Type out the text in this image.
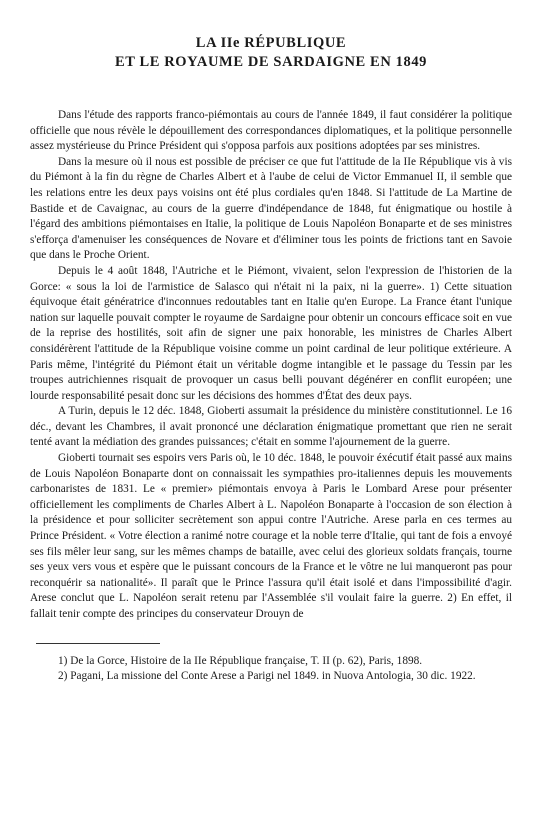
LA IIe RÉPUBLIQUE
ET LE ROYAUME DE SARDAIGNE EN 1849

Dans l'étude des rapports franco-piémontais au cours de l'année 1849, il faut considérer la politique officielle que nous révèle le dépouillement des correspondances diplomatiques, et la politique personnelle assez mystérieuse du Prince Président qui s'opposa parfois aux positions adoptées par ses ministres.

Dans la mesure où il nous est possible de préciser ce que fut l'attitude de la IIe République vis à vis du Piémont à la fin du règne de Charles Albert et à l'aube de celui de Victor Emmanuel II, il semble que les relations entre les deux pays voisins ont été plus cordiales qu'en 1848. Si l'attitude de La Martine de Bastide et de Cavaignac, au cours de la guerre d'indépendance de 1848, fut énigmatique ou hostile à l'égard des ambitions piémontaises en Italie, la politique de Louis Napoléon Bonaparte et de ses ministres s'efforça d'amenuiser les conséquences de Novare et d'éliminer tous les points de frictions tant en Savoie que dans le Proche Orient.

Depuis le 4 août 1848, l'Autriche et le Piémont, vivaient, selon l'expression de l'historien de la Gorce: « sous la loi de l'armistice de Salasco qui n'était ni la paix, ni la guerre». 1) Cette situation équivoque était génératrice d'inconnues redoutables tant en Italie qu'en Europe. La France étant l'unique nation sur laquelle pouvait compter le royaume de Sardaigne pour obtenir un concours efficace soit en vue de la reprise des hostilités, soit afin de signer une paix honorable, les ministres de Charles Albert considérèrent l'attitude de la République voisine comme un point cardinal de leur politique extérieure. A Paris même, l'intégrité du Piémont était un véritable dogme intangible et le passage du Tessin par les troupes autrichiennes risquait de provoquer un casus belli pouvant dégénérer en conflit européen; une lourde responsabilité pesait donc sur les décisions des hommes d'État des deux pays.

A Turin, depuis le 12 déc. 1848, Gioberti assumait la présidence du ministère constitutionnel. Le 16 déc., devant les Chambres, il avait prononcé une déclaration énigmatique promettant que rien ne serait tenté avant la médiation des grandes puissances; c'était en somme l'ajournement de la guerre.

Gioberti tournait ses espoirs vers Paris où, le 10 déc. 1848, le pouvoir éxécutif était passé aux mains de Louis Napoléon Bonaparte dont on connaissait les sympathies pro-italiennes depuis les mouvements carbonaristes de 1831. Le « premier» piémontais envoya à Paris le Lombard Arese pour présenter officiellement les compliments de Charles Albert à L. Napoléon Bonaparte à l'occasion de son élection à la présidence et pour solliciter secrètement son appui contre l'Autriche. Arese parla en ces termes au Prince Président. « Votre élection a ranimé notre courage et la noble terre d'Italie, qui tant de fois a envoyé ses fils mêler leur sang, sur les mêmes champs de bataille, avec celui des glorieux soldats français, tourne ses yeux vers vous et espère que le puissant concours de la France et le vôtre ne lui manqueront pas pour reconquérir sa nationalité». Il paraît que le Prince l'assura qu'il était isolé et dans l'impossibilité d'agir. Arese conclut que L. Napoléon serait retenu par l'Assemblée s'il voulait faire la guerre. 2) En effet, il fallait tenir compte des principes du conservateur Drouyn de

1) De la Gorce, Histoire de la IIe République française, T. II (p. 62), Paris, 1898.

2) Pagani, La missione del Conte Arese a Parigi nel 1849. in Nuova Antologia, 30 dic. 1922.
